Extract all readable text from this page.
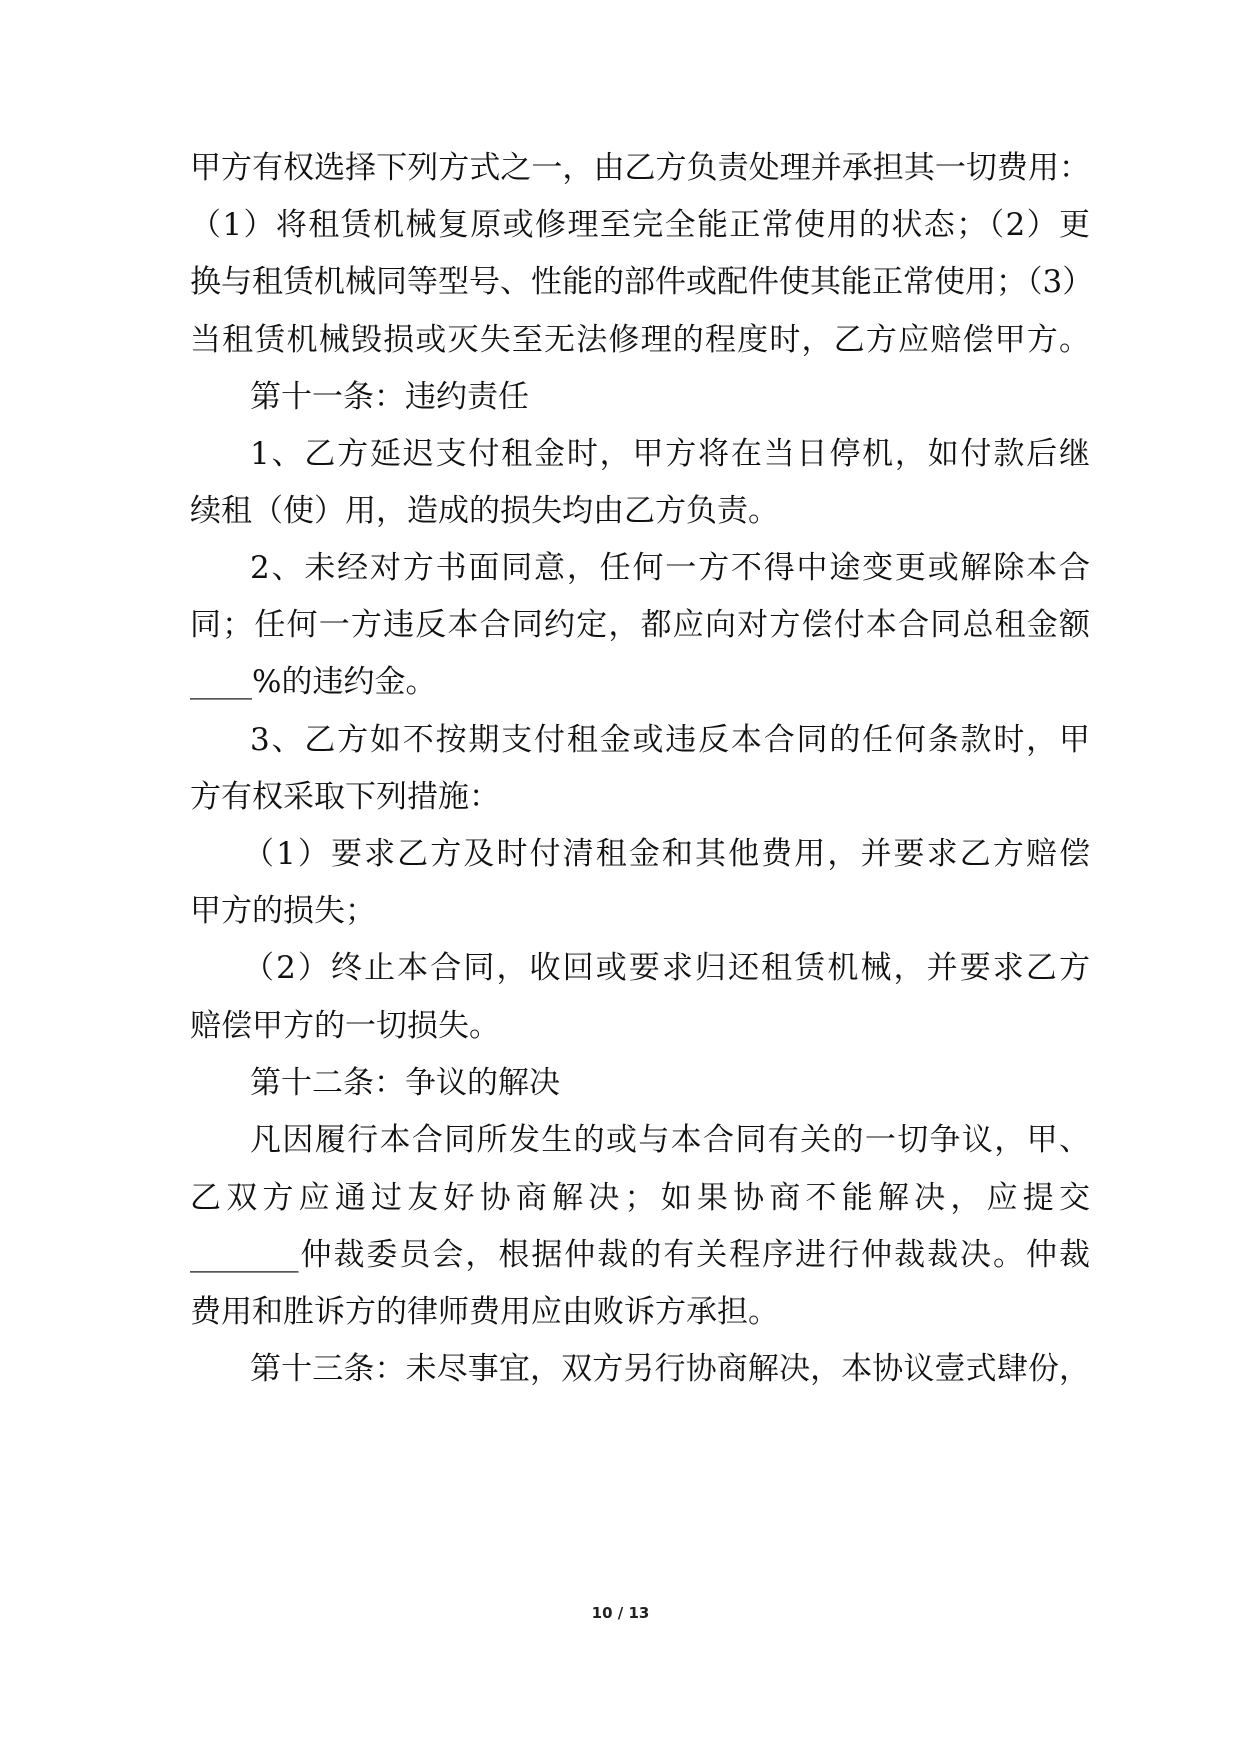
甲方有权选择下列方式之一，由乙方负责处理并承担其一切费用：
（1）将租赁机械复原或修理至完全能正常使用的状态；（2）更
换与租赁机械同等型号、性能的部件或配件使其能正常使用；（3）
当租赁机械毁损或灭失至无法修理的程度时，乙方应赔偿甲方。
第十一条：违约责任
1、乙方延迟支付租金时，甲方将在当日停机，如付款后继
续租（使）用，造成的损失均由乙方负责。
2、未经对方书面同意，任何一方不得中途变更或解除本合
同；任何一方违反本合同约定，都应向对方偿付本合同总租金额
____%的违约金。
3、乙方如不按期支付租金或违反本合同的任何条款时，甲
方有权采取下列措施：
（1）要求乙方及时付清租金和其他费用，并要求乙方赔偿
甲方的损失；
（2）终止本合同，收回或要求归还租赁机械，并要求乙方
赔偿甲方的一切损失。
第十二条：争议的解决
凡因履行本合同所发生的或与本合同有关的一切争议，甲、
乙双方应通过友好协商解决；如果协商不能解决，应提交
_______仲裁委员会，根据仲裁的有关程序进行仲裁裁决。仲裁
费用和胜诉方的律师费用应由败诉方承担。
第十三条：未尽事宜，双方另行协商解决，本协议壹式肆份，
10 / 13
